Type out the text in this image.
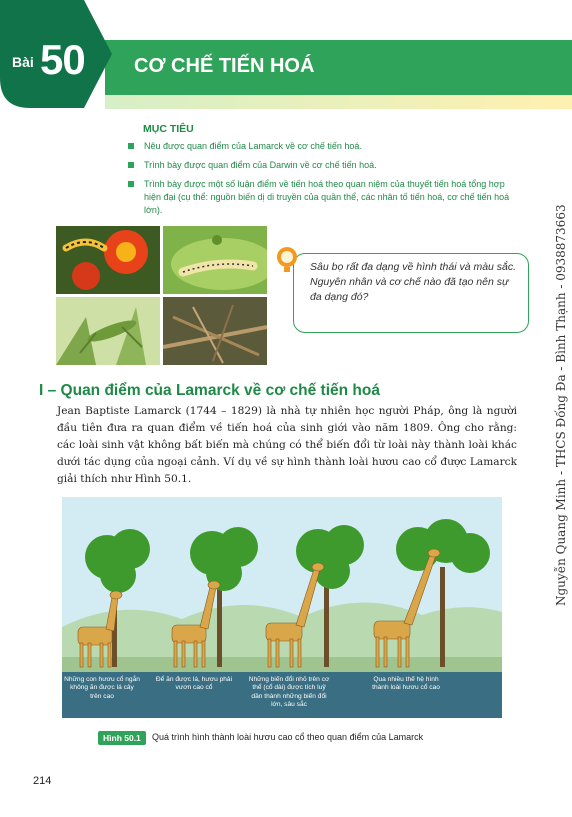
Bài 50 CƠ CHẾ TIẾN HOÁ
MỤC TIÊU
Nêu được quan điểm của Lamarck về cơ chế tiến hoá.
Trình bày được quan điểm của Darwin về cơ chế tiến hoá.
Trình bày được một số luận điểm về tiến hoá theo quan niệm của thuyết tiến hoá tổng hợp hiện đại (cụ thể: nguồn biến dị di truyền của quần thể, các nhân tố tiến hoá, cơ chế tiến hoá lớn).	Nguyễn Quang Minh - THCS Đống Đa - Bình Thạnh - 0938873663
Sâu bọ rất đa dạng về hình thái và màu sắc. Nguyên nhân và cơ chế nào đã tạo nên sự đa dạng đó?
I – Quan điểm của Lamarck về cơ chế tiến hoá
Jean Baptiste Lamarck (1744 – 1829) là nhà tự nhiên học người Pháp, ông là người đầu tiên đưa ra quan điểm về tiến hoá của sinh giới vào năm 1809. Ông cho rằng: các loài sinh vật không bất biến mà chúng có thể biến đổi từ loài này thành loài khác dưới tác dụng của ngoại cảnh. Ví dụ về sự hình thành loài hươu cao cổ được Lamarck giải thích như Hình 50.1.
Những con hươu cổ ngắn không ăn được lá cây trên cao
Để ăn được lá, hươu phải vươn cao cổ
Những biến đổi nhỏ trên cơ thể (cổ dài) được tích luỹ dần thành những biến đổi lớn, sâu sắc
Qua nhiều thế hệ hình thành loài hươu cổ cao
Hình 50.1	Quá trình hình thành loài hươu cao cổ theo quan điểm của Lamarck
214
